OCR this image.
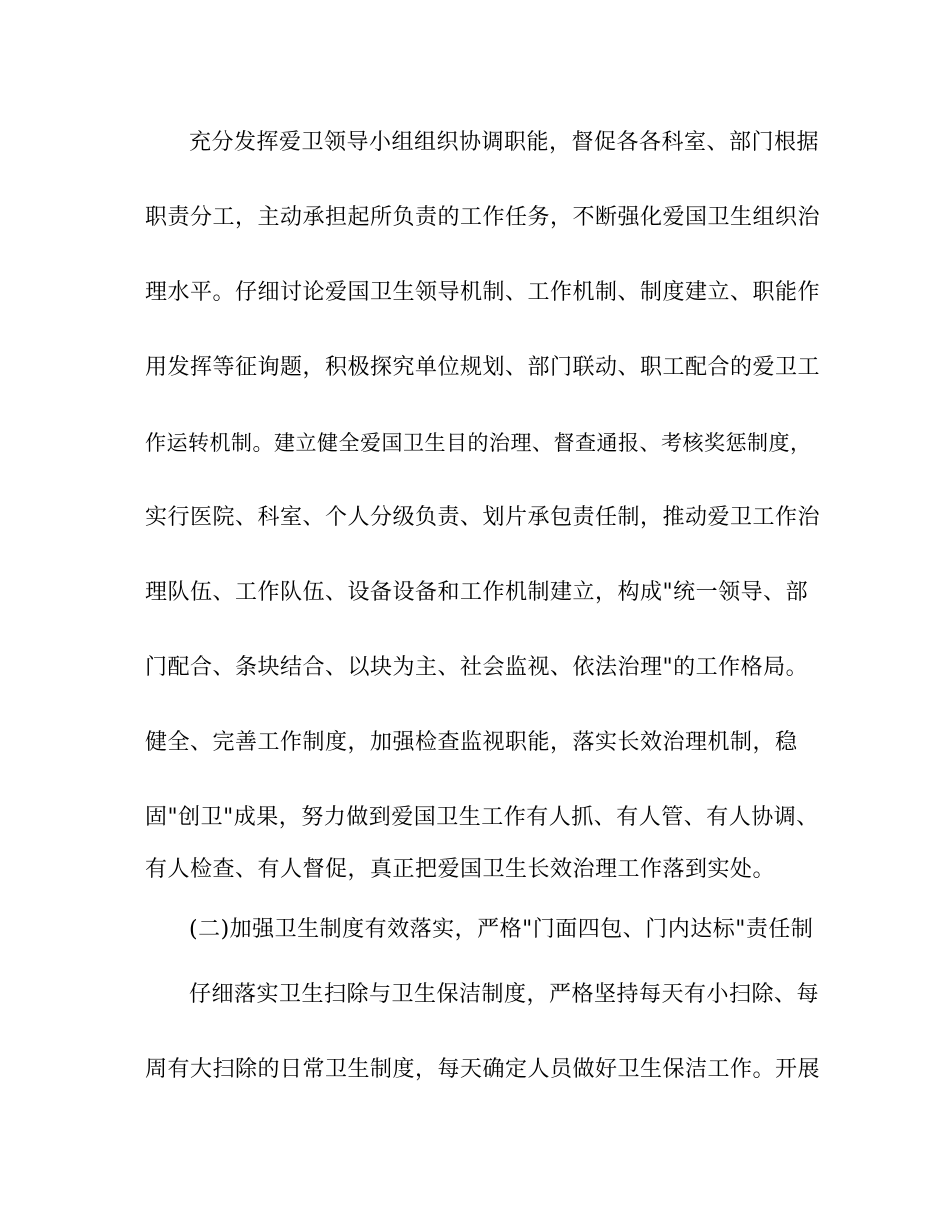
充分发挥爱卫领导小组组织协调职能，督促各各科室、部门根据
职责分工，主动承担起所负责的工作任务，不断强化爱国卫生组织治
理水平。仔细讨论爱国卫生领导机制、工作机制、制度建立、职能作
用发挥等征询题，积极探究单位规划、部门联动、职工配合的爱卫工
作运转机制。建立健全爱国卫生目的治理、督查通报、考核奖惩制度，
实行医院、科室、个人分级负责、划片承包责任制，推动爱卫工作治
理队伍、工作队伍、设备设备和工作机制建立，构成"统一领导、部
门配合、条块结合、以块为主、社会监视、依法治理"的工作格局。
健全、完善工作制度，加强检查监视职能，落实长效治理机制，稳
固"创卫"成果，努力做到爱国卫生工作有人抓、有人管、有人协调、
有人检查、有人督促，真正把爱国卫生长效治理工作落到实处。
(二)加强卫生制度有效落实，严格"门面四包、门内达标"责任制
仔细落实卫生扫除与卫生保洁制度，严格坚持每天有小扫除、每
周有大扫除的日常卫生制度，每天确定人员做好卫生保洁工作。开展
